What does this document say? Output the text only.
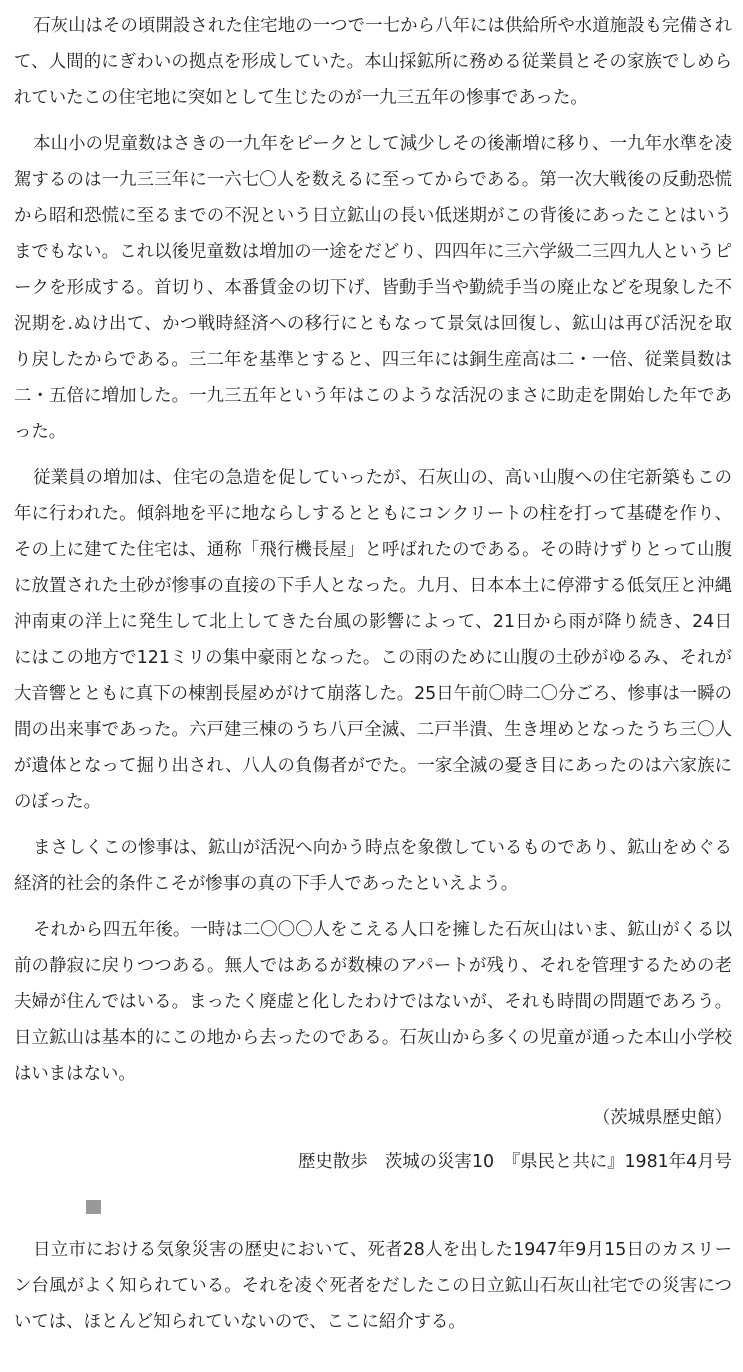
石灰山はその頃開設された住宅地の一つで一七から八年には供給所や水道施設も完備されて、人間的にぎわいの拠点を形成していた。本山採鉱所に務める従業員とその家族でしめられていたこの住宅地に突如として生じたのが一九三五年の惨事であった。

本山小の児童数はさきの一九年をピークとして減少しその後漸増に移り、一九年水準を凌駕するのは一九三三年に一六七〇人を数えるに至ってからである。第一次大戦後の反動恐慌から昭和恐慌に至るまでの不況という日立鉱山の長い低迷期がこの背後にあったことはいうまでもない。これ以後児童数は増加の一途をだどり、四四年に三六学級二三四九人というピークを形成する。首切り、本番賃金の切下げ、皆動手当や勤続手当の廃止などを現象した不況期を.ぬけ出て、かつ戦時経済への移行にともなって景気は回復し、鉱山は再び活況を取り戻したからである。三二年を基準とすると、四三年には銅生産高は二・一倍、従業員数は二・五倍に増加した。一九三五年という年はこのような活況のまさに助走を開始した年であった。

従業員の増加は、住宅の急造を促していったが、石灰山の、高い山腹への住宅新築もこの年に行われた。傾斜地を平に地ならしするとともにコンクリートの柱を打って基礎を作り、その上に建てた住宅は、通称「飛行機長屋」と呼ばれたのである。その時けずりとって山腹に放置された土砂が惨事の直接の下手人となった。九月、日本本土に停滞する低気圧と沖縄沖南東の洋上に発生して北上してきた台風の影響によって、21日から雨が降り続き、24日にはこの地方で121ミリの集中豪雨となった。この雨のために山腹の土砂がゆるみ、それが大音響とともに真下の棟割長屋めがけて崩落した。25日午前〇時二〇分ごろ、惨事は一瞬の間の出来事であった。六戸建三棟のうち八戸全滅、二戸半潰、生き埋めとなったうち三〇人が遺体となって掘り出され、八人の負傷者がでた。一家全滅の憂き目にあったのは六家族にのぼった。

まさしくこの惨事は、鉱山が活況へ向かう時点を象徴しているものであり、鉱山をめぐる経済的社会的条件こそが惨事の真の下手人であったといえよう。

それから四五年後。一時は二〇〇〇人をこえる人口を擁した石灰山はいま、鉱山がくる以前の静寂に戻りつつある。無人ではあるが数棟のアパートが残り、それを管理するための老夫婦が住んではいる。まったく廃虚と化したわけではないが、それも時間の問題であろう。日立鉱山は基本的にこの地から去ったのである。石灰山から多くの児童が通った本山小学校はいまはない。

（茨城県歴史館）

歴史散歩　茨城の災害10　『県民と共に』1981年4月号

日立市における気象災害の歴史において、死者28人を出した1947年9月15日のカスリーン台風がよく知られている。それを凌ぐ死者をだしたこの日立鉱山石灰山社宅での災害については、ほとんど知られていないので、ここに紹介する。
